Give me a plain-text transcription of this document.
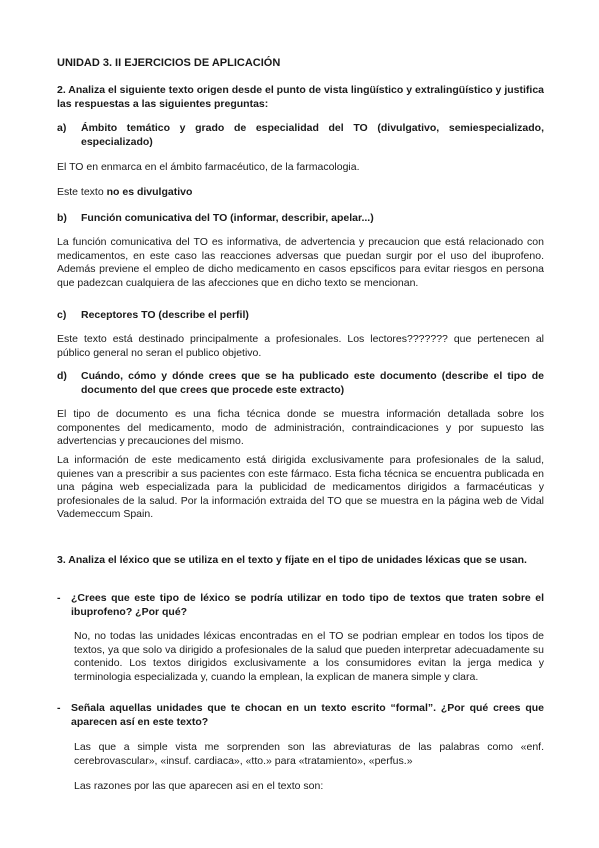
UNIDAD 3. II EJERCICIOS DE APLICACIÓN

2. Analiza el siguiente texto origen desde el punto de vista lingüístico y extralingüístico y justifica las respuestas a las siguientes preguntas:

a) Ámbito temático y grado de especialidad del TO (divulgativo, semiespecializado, especializado)

El TO en enmarca en el ámbito farmacéutico, de la farmacologia.

Este texto no es divulgativo

b) Función comunicativa del TO (informar, describir, apelar...)

La función comunicativa del TO es informativa, de advertencia y precaucion que está relacionado con medicamentos, en este caso las reacciones adversas que puedan surgir por el uso del ibuprofeno. Además previene el empleo de dicho medicamento en casos epscificos para evitar riesgos en persona que padezcan cualquiera de las afecciones que en dicho texto se mencionan.

c) Receptores TO (describe el perfil)

Este texto está destinado principalmente a profesionales. Los lectores??????? que pertenecen al público general no seran el publico objetivo.

d) Cuándo, cómo y dónde crees que se ha publicado este documento (describe el tipo de documento del que crees que procede este extracto)

El tipo de documento es una ficha técnica donde se muestra información detallada sobre los componentes del medicamento, modo de administración, contraindicaciones y por supuesto las advertencias y precauciones del mismo.

La información de este medicamento está dirigida exclusivamente para profesionales de la salud, quienes van a prescribir a sus pacientes con este fármaco. Esta ficha técnica se encuentra publicada en una página web especializada para la publicidad de medicamentos dirigidos a farmacéuticas y profesionales de la salud. Por la información extraida del TO que se muestra en la página web de Vidal Vademeccum Spain.

3. Analiza el léxico que se utiliza en el texto y fíjate en el tipo de unidades léxicas que se usan.

- ¿Crees que este tipo de léxico se podría utilizar en todo tipo de textos que traten sobre el ibuprofeno? ¿Por qué?

No, no todas las unidades léxicas encontradas en el TO se podrian emplear en todos los tipos de textos, ya que solo va dirigido a profesionales de la salud que pueden interpretar adecuadamente su contenido. Los textos dirigidos exclusivamente a los consumidores evitan la jerga medica y terminologia especializada y, cuando la emplean, la explican de manera simple y clara.

- Señala aquellas unidades que te chocan en un texto escrito “formal”. ¿Por qué crees que aparecen así en este texto?

Las que a simple vista me sorprenden son las abreviaturas de las palabras como «enf. cerebrovascular», «insuf. cardiaca», «tto.» para «tratamiento», «perfus.»

Las razones por las que aparecen asi en el texto son:
